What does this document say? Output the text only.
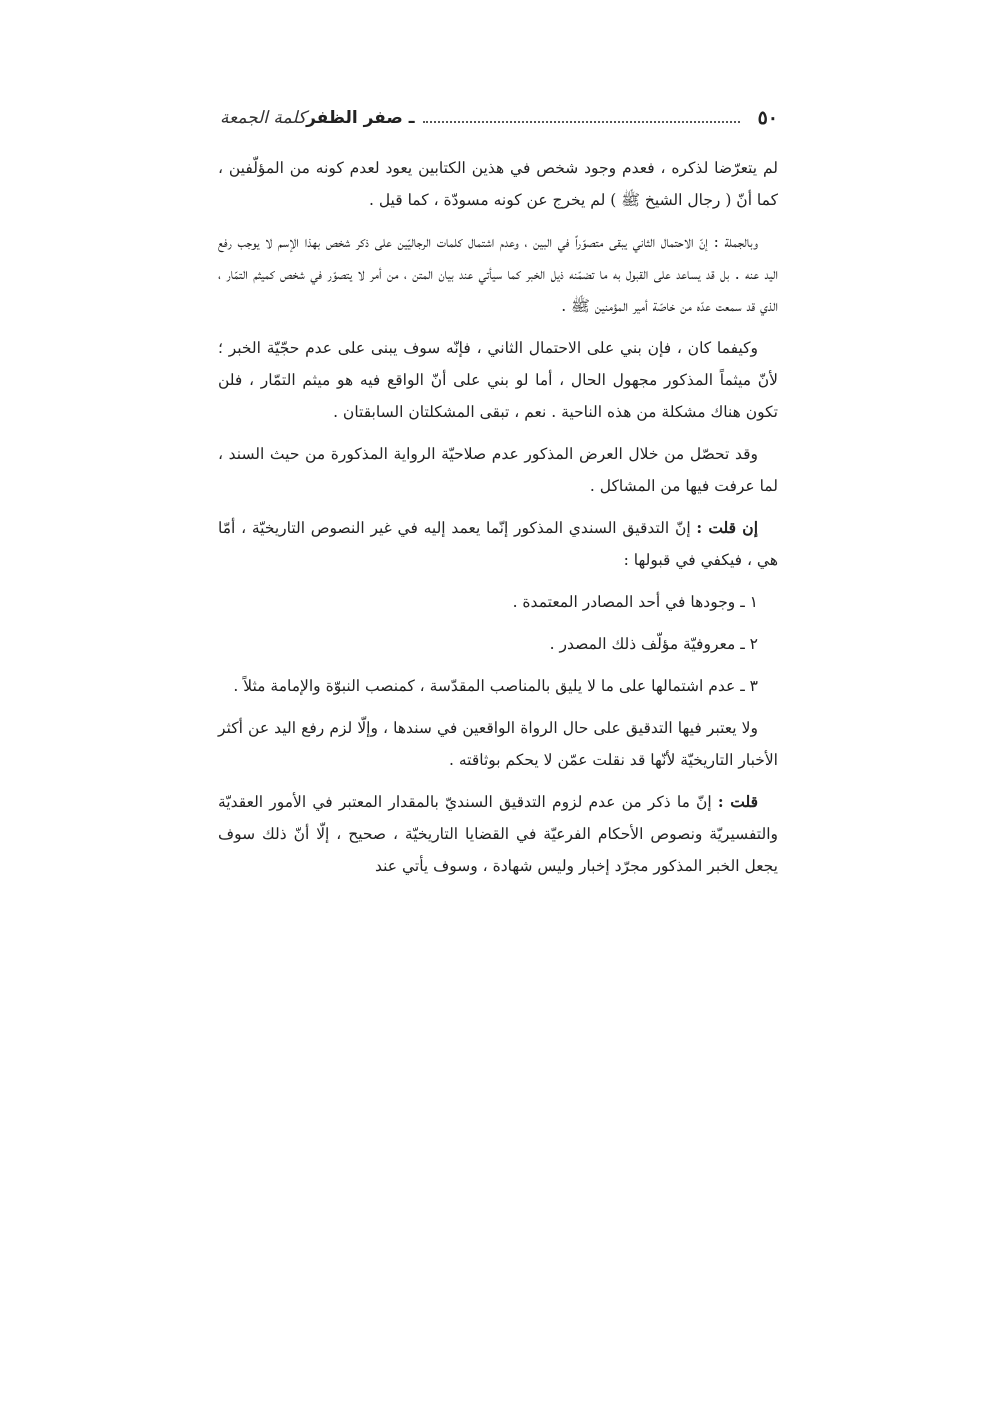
٥٠
ـ صفر الظفر
كلمة الجمعة

لم يتعرّضا لذكره ، فعدم وجود شخص في هذين الكتابين يعود لعدم كونه من المؤلّفين ، كما أنّ ( رجال الشيخ ﷺ ) لم يخرج عن كونه مسودّة ، كما قيل .

وبالجملة : إنّ الاحتمال الثاني يبقى متصوّراً في البين ، وعدم اشتمال كلمات الرجاليّين على ذكر شخص بهذا الإسم لا يوجب رفع اليد عنه . بل قد يساعد على القبول به ما تضمّنه ذيل الخبر كما سيأتي عند بيان المتن ، من أمر لا يتصوّر في شخص كميثم التمّار ، الذي قد سمعت عدّه من خاصّة أمير المؤمنين ﷺ .

وكيفما كان ، فإن بني على الاحتمال الثاني ، فإنّه سوف يبنى على عدم حجّيّة الخبر ؛ لأنّ ميثماً المذكور مجهول الحال ، أما لو بني على أنّ الواقع فيه هو ميثم التمّار ، فلن تكون هناك مشكلة من هذه الناحية . نعم ، تبقى المشكلتان السابقتان .

وقد تحصّل من خلال العرض المذكور عدم صلاحيّة الرواية المذكورة من حيث السند ، لما عرفت فيها من المشاكل .

إن قلت : إنّ التدقيق السندي المذكور إنّما يعمد إليه في غير النصوص التاريخيّة ، أمّا هي ، فيكفي في قبولها :

١ ـ وجودها في أحد المصادر المعتمدة .

٢ ـ معروفيّة مؤلّف ذلك المصدر .

٣ ـ عدم اشتمالها على ما لا يليق بالمناصب المقدّسة ، كمنصب النبوّة والإمامة مثلاً .

ولا يعتبر فيها التدقيق على حال الرواة الواقعين في سندها ، وإلّا لزم رفع اليد عن أكثر الأخبار التاريخيّة لأنّها قد نقلت عمّن لا يحكم بوثاقته .

قلت : إنّ ما ذكر من عدم لزوم التدقيق السنديّ بالمقدار المعتبر في الأمور العقديّة والتفسيريّة ونصوص الأحكام الفرعيّة في القضايا التاريخيّة ، صحيح ، إلّا أنّ ذلك سوف يجعل الخبر المذكور مجرّد إخبار وليس شهادة ، وسوف يأتي عند
